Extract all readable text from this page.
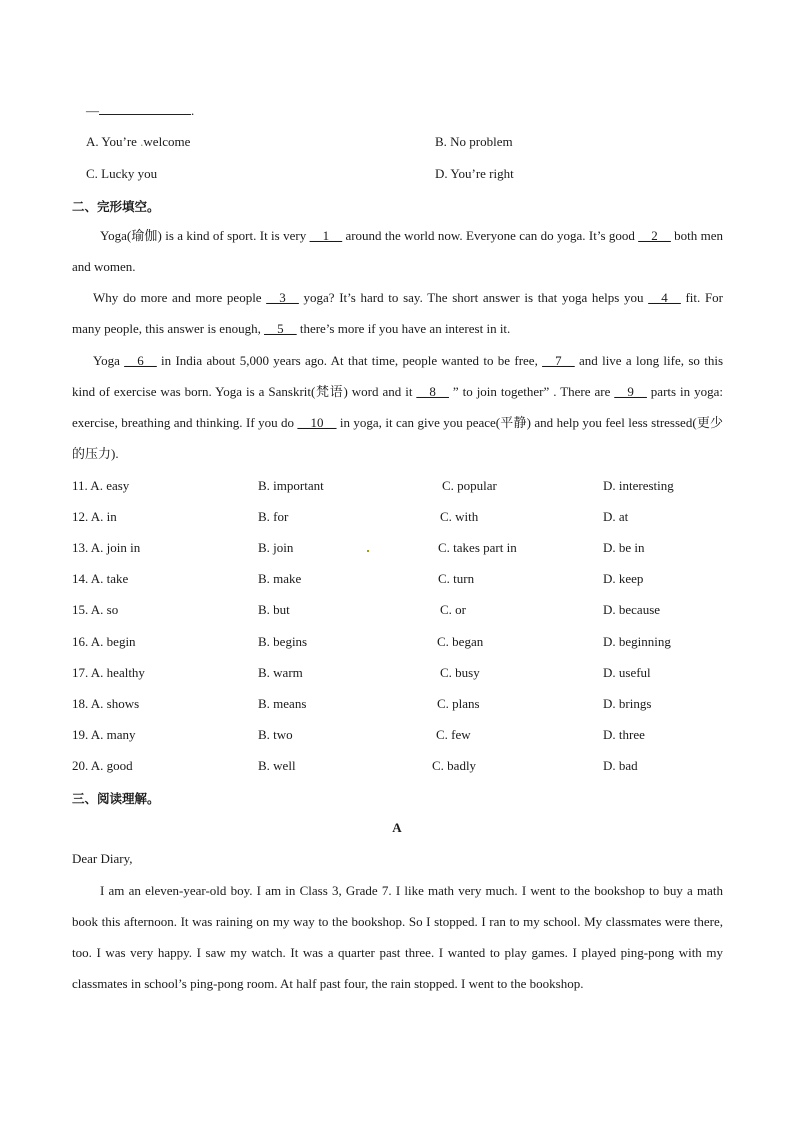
—	.
A. You’re .welcome	B. No problem
C. Lucky you	D. You’re right
二、完形填空。
Yoga(瑜伽) is a kind of sport. It is very __1__ around the world now. Everyone can do yoga. It’s good __2__ both men and women.
Why do more and more people __3__ yoga? It’s hard to say. The short answer is that yoga helps you __4__ fit. For many people, this answer is enough, __5__ there’s more if you have an interest in it.
Yoga __6__ in India about 5,000 years ago. At that time, people wanted to be free, __7__ and live a long life, so this kind of exercise was born. Yoga is a Sanskrit(梵语) word and it __8__ ” to join together” . There are __9__ parts in yoga: exercise, breathing and thinking. If you do __10__ in yoga, it can give you peace(平静) and help you feel less stressed(更少的压力).
11. A. easy	B. important	C. popular	D. interesting
12. A. in	B. for	C. with	D. at
13. A. join in	B. join	C. takes part in	D. be in
14. A. take	B. make	C. turn	D. keep
15. A. so	B. but	C. or	D. because
16. A. begin	B. begins	C. began	D. beginning
17. A. healthy	B. warm	C. busy	D. useful
18. A. shows	B. means	C. plans	D. brings
19. A. many	B. two	C. few	D. three
20. A. good	B. well	C. badly	D. bad
三、阅读理解。
A
Dear Diary,
I am an eleven-year-old boy. I am in Class 3, Grade 7. I like math very much. I went to the bookshop to buy a math book this afternoon. It was raining on my way to the bookshop. So I stopped. I ran to my school. My classmates were there, too. I was very happy. I saw my watch. It was a quarter past three. I wanted to play games. I played ping-pong with my classmates in school’s ping-pong room. At half past four, the rain stopped. I went to the bookshop.
